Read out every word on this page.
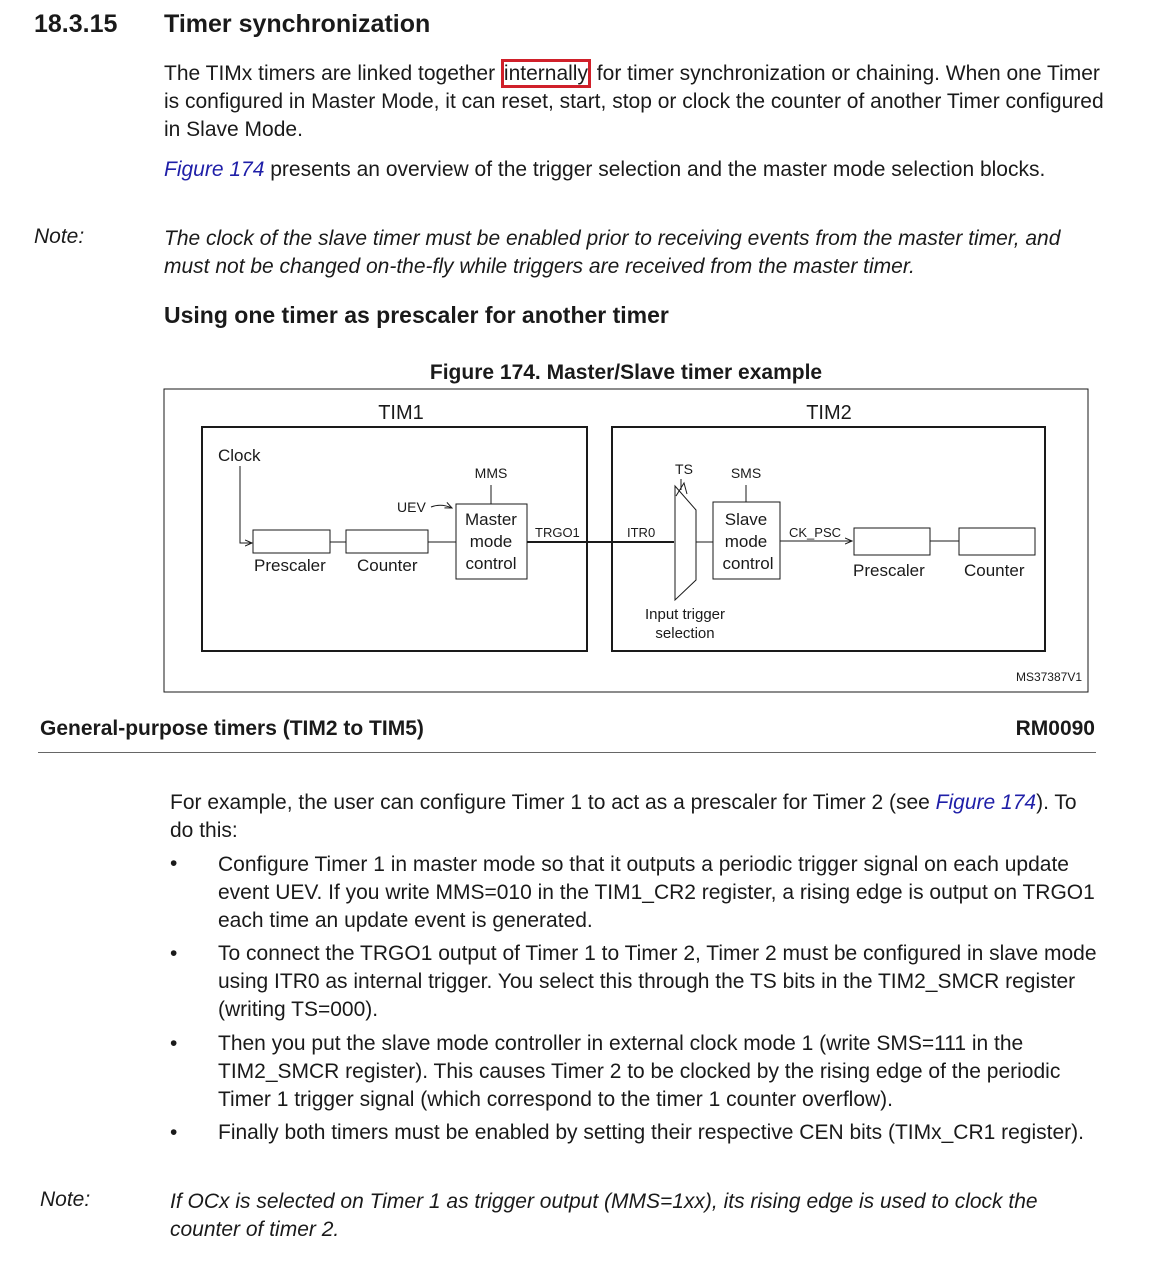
18.3.15 Timer synchronization
The TIMx timers are linked together internally for timer synchronization or chaining. When one Timer is configured in Master Mode, it can reset, start, stop or clock the counter of another Timer configured in Slave Mode.
Figure 174 presents an overview of the trigger selection and the master mode selection blocks.
Note:	The clock of the slave timer must be enabled prior to receiving events from the master timer, and must not be changed on-the-fly while triggers are received from the master timer.
Using one timer as prescaler for another timer
Figure 174. Master/Slave timer example
TIM1
Clock
Prescaler Counter
UEV
MMS
Master
mode
control
TRGO1	ITR0
TIM2
TS
Input trigger
selection
SMS
Slave
mode
control
CK_PSC
Prescaler Counter
MS37387V1
General-purpose timers (TIM2 to TIM5)	RM0090
For example, the user can configure Timer 1 to act as a prescaler for Timer 2 (see Figure 174). To do this:
• Configure Timer 1 in master mode so that it outputs a periodic trigger signal on each update event UEV. If you write MMS=010 in the TIM1_CR2 register, a rising edge is output on TRGO1 each time an update event is generated.
• To connect the TRGO1 output of Timer 1 to Timer 2, Timer 2 must be configured in slave mode using ITR0 as internal trigger. You select this through the TS bits in the TIM2_SMCR register (writing TS=000).
• Then you put the slave mode controller in external clock mode 1 (write SMS=111 in the TIM2_SMCR register). This causes Timer 2 to be clocked by the rising edge of the periodic Timer 1 trigger signal (which correspond to the timer 1 counter overflow).
• Finally both timers must be enabled by setting their respective CEN bits (TIMx_CR1 register).
Note:	If OCx is selected on Timer 1 as trigger output (MMS=1xx), its rising edge is used to clock the counter of timer 2.
